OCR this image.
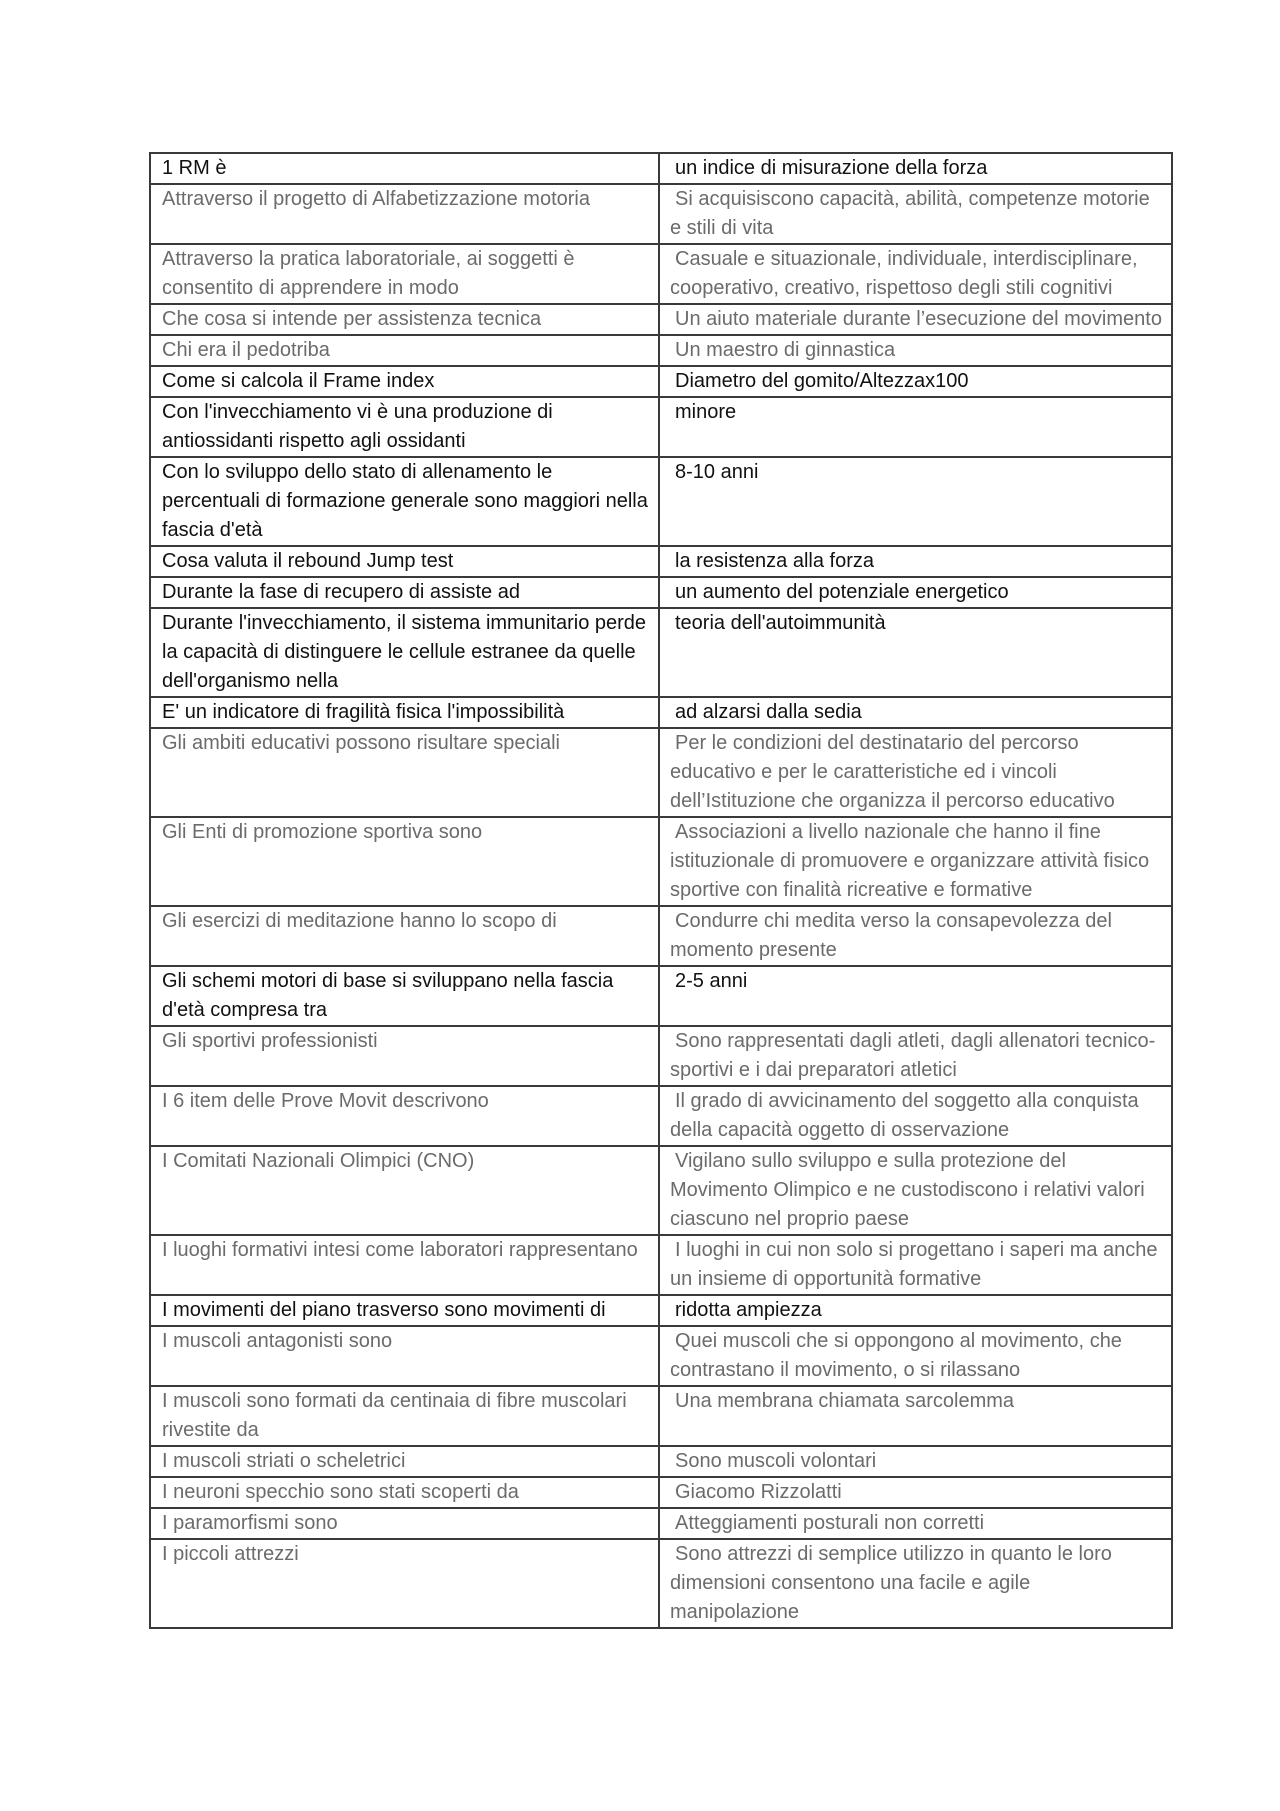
1 RM è	un indice di misurazione della forza
Attraverso il progetto di Alfabetizzazione motoria	Si acquisiscono capacità, abilità, competenze motorie e stili di vita
Attraverso la pratica laboratoriale, ai soggetti è consentito di apprendere in modo	Casuale e situazionale, individuale, interdisciplinare, cooperativo, creativo, rispettoso degli stili cognitivi
Che cosa si intende per assistenza tecnica	Un aiuto materiale durante l’esecuzione del movimento
Chi era il pedotriba	Un maestro di ginnastica
Come si calcola il Frame index	Diametro del gomito/Altezzax100
Con l'invecchiamento vi è una produzione di antiossidanti rispetto agli ossidanti	minore
Con lo sviluppo dello stato di allenamento le percentuali di formazione generale sono maggiori nella fascia d'età	8-10 anni
Cosa valuta il rebound Jump test	la resistenza alla forza
Durante la fase di recupero di assiste ad	un aumento del potenziale energetico
Durante l'invecchiamento, il sistema immunitario perde la capacità di distinguere le cellule estranee da quelle dell'organismo nella	teoria dell'autoimmunità
E' un indicatore di fragilità fisica l'impossibilità	ad alzarsi dalla sedia
Gli ambiti educativi possono risultare speciali	Per le condizioni del destinatario del percorso educativo e per le caratteristiche ed i vincoli dell’Istituzione che organizza il percorso educativo
Gli Enti di promozione sportiva sono	Associazioni a livello nazionale che hanno il fine istituzionale di promuovere e organizzare attività fisico sportive con finalità ricreative e formative
Gli esercizi di meditazione hanno lo scopo di	Condurre chi medita verso la consapevolezza del momento presente
Gli schemi motori di base si sviluppano nella fascia d'età compresa tra	2-5 anni
Gli sportivi professionisti	Sono rappresentati dagli atleti, dagli allenatori tecnico-sportivi e i dai preparatori atletici
I 6 item delle Prove Movit descrivono	Il grado di avvicinamento del soggetto alla conquista della capacità oggetto di osservazione
I Comitati Nazionali Olimpici (CNO)	Vigilano sullo sviluppo e sulla protezione del Movimento Olimpico e ne custodiscono i relativi valori ciascuno nel proprio paese
I luoghi formativi intesi come laboratori rappresentano	I luoghi in cui non solo si progettano i saperi ma anche un insieme di opportunità formative
I movimenti del piano trasverso sono movimenti di	ridotta ampiezza
I muscoli antagonisti sono	Quei muscoli che si oppongono al movimento, che contrastano il movimento, o si rilassano
I muscoli sono formati da centinaia di fibre muscolari rivestite da	Una membrana chiamata sarcolemma
I muscoli striati o scheletrici	Sono muscoli volontari
I neuroni specchio sono stati scoperti da	Giacomo Rizzolatti
I paramorfismi sono	Atteggiamenti posturali non corretti
I piccoli attrezzi	Sono attrezzi di semplice utilizzo in quanto le loro dimensioni consentono una facile e agile manipolazione
